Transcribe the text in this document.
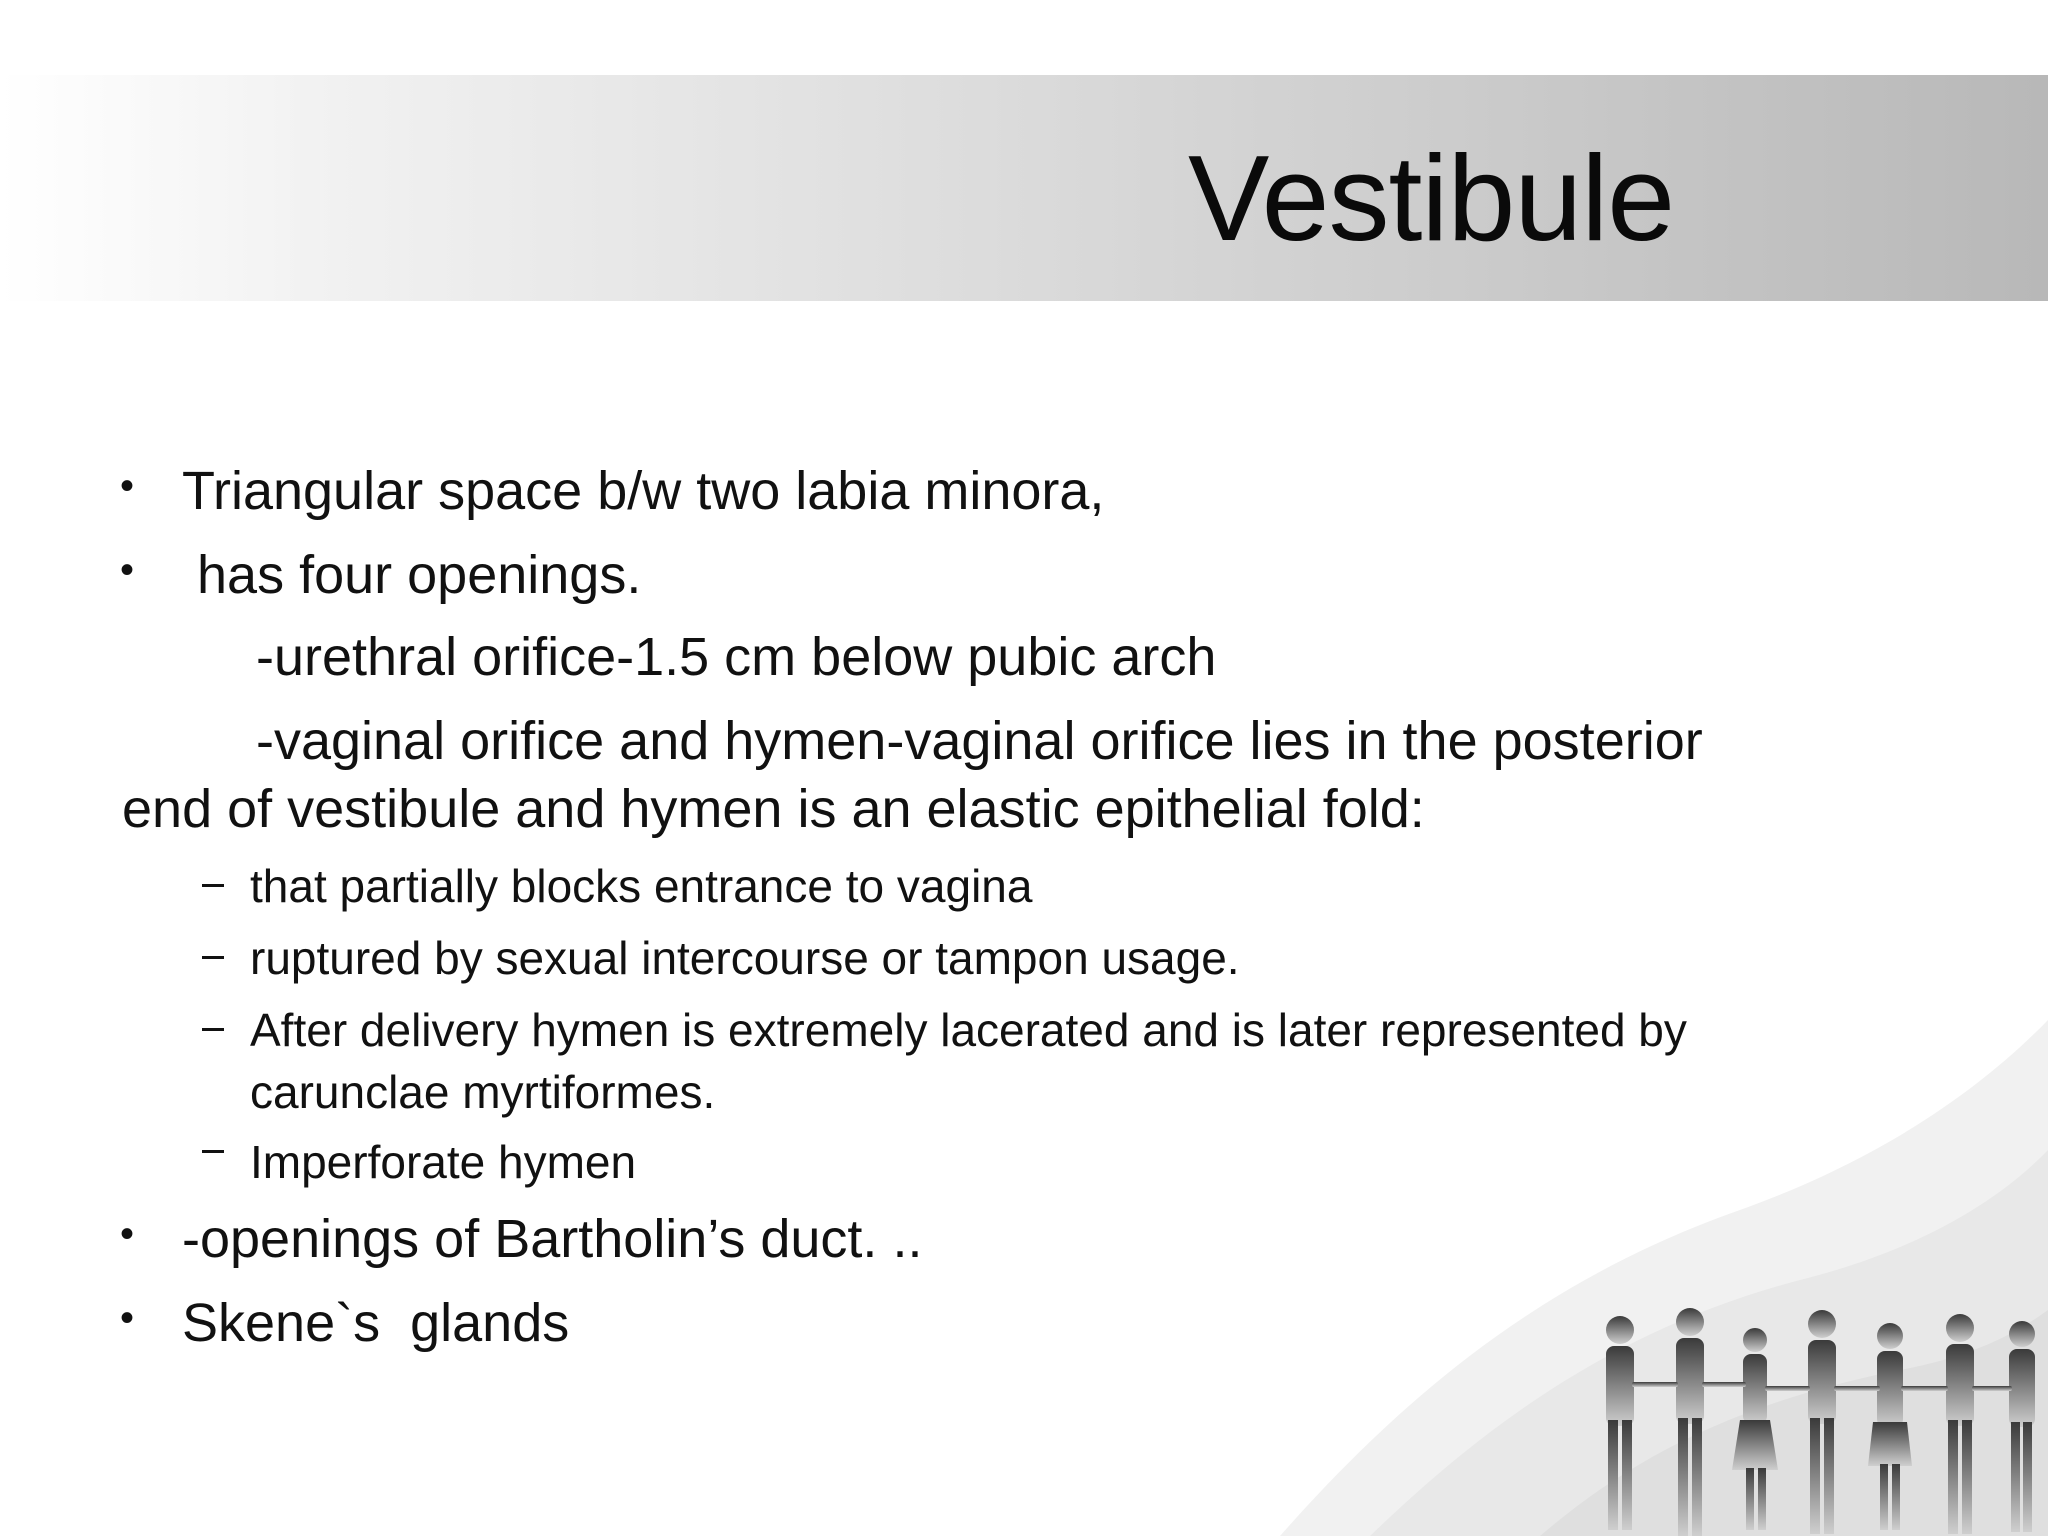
Vestibule
• Triangular space b/w two labia minora,

• has four openings.

-urethral orifice-1.5 cm below pubic arch

-vaginal orifice and hymen-vaginal orifice lies in the posterior

end of vestibule and hymen is an elastic epithelial fold:

that partially blocks entrance to vagina

ruptured by sexual intercourse or tampon usage.

After delivery hymen is extremely lacerated and is later represented by

carunclae myrtiformes.

Imperforate hymen

• -openings of Bartholin’s duct. ..

• Skene`s  glands
